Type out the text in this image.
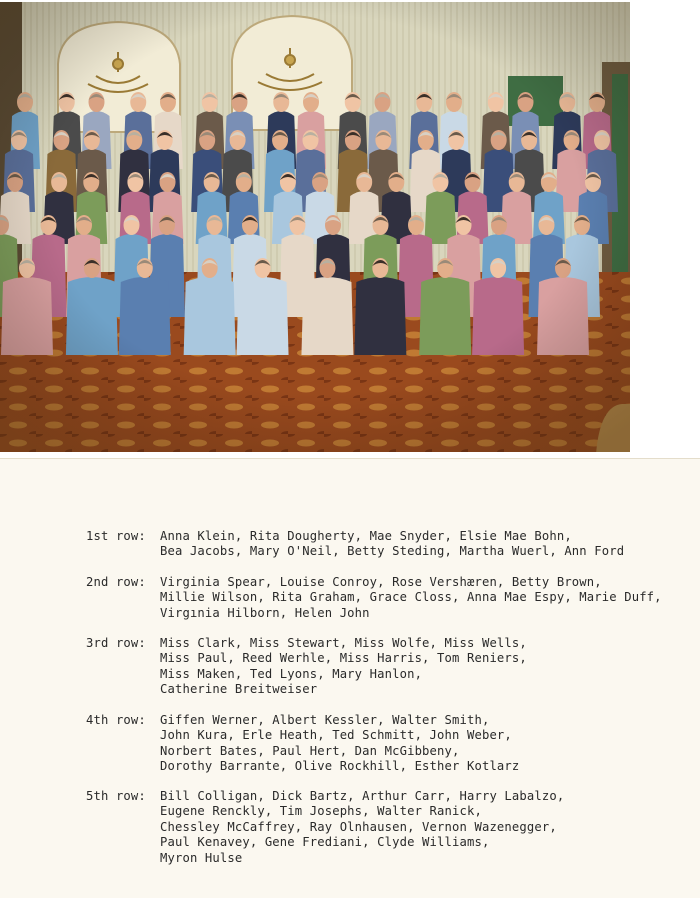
1st row: Anna Klein, Rita Dougherty, Mae Snyder, Elsie Mae Bohn,
Bea Jacobs, Mary O'Neil, Betty Steding, Martha Wuerl, Ann Ford
2nd row: Virginia Spear, Louise Conroy, Rose Vershæren, Betty Brown,
Millie Wilson, Rita Graham, Grace Closs, Anna Mae Espy, Marie Duff,
Virgınia Hilborn, Helen John
3rd row: Miss Clark, Miss Stewart, Miss Wolfe, Miss Wells,
Miss Paul, Reed Werhle, Miss Harris, Tom Reniers,
Miss Maken, Ted Lyons, Mary Hanlon,
Catherine Breitweiser
4th row: Giffen Werner, Albert Kessler, Walter Smith,
John Kura, Erle Heath, Ted Schmitt, John Weber,
Norbert Bates, Paul Hert, Dan McGibbeny,
Dorothy Barrante, Olive Rockhill, Esther Kotlarz
5th row: Bill Colligan, Dick Bartz, Arthur Carr, Harry Labalzo,
Eugene Renckly, Tim Josephs, Walter Ranick,
Chessley McCaffrey, Ray Olnhausen, Vernon Wazenegger,
Paul Kenavey, Gene Frediani, Clyde Williams,
Myron Hulse
